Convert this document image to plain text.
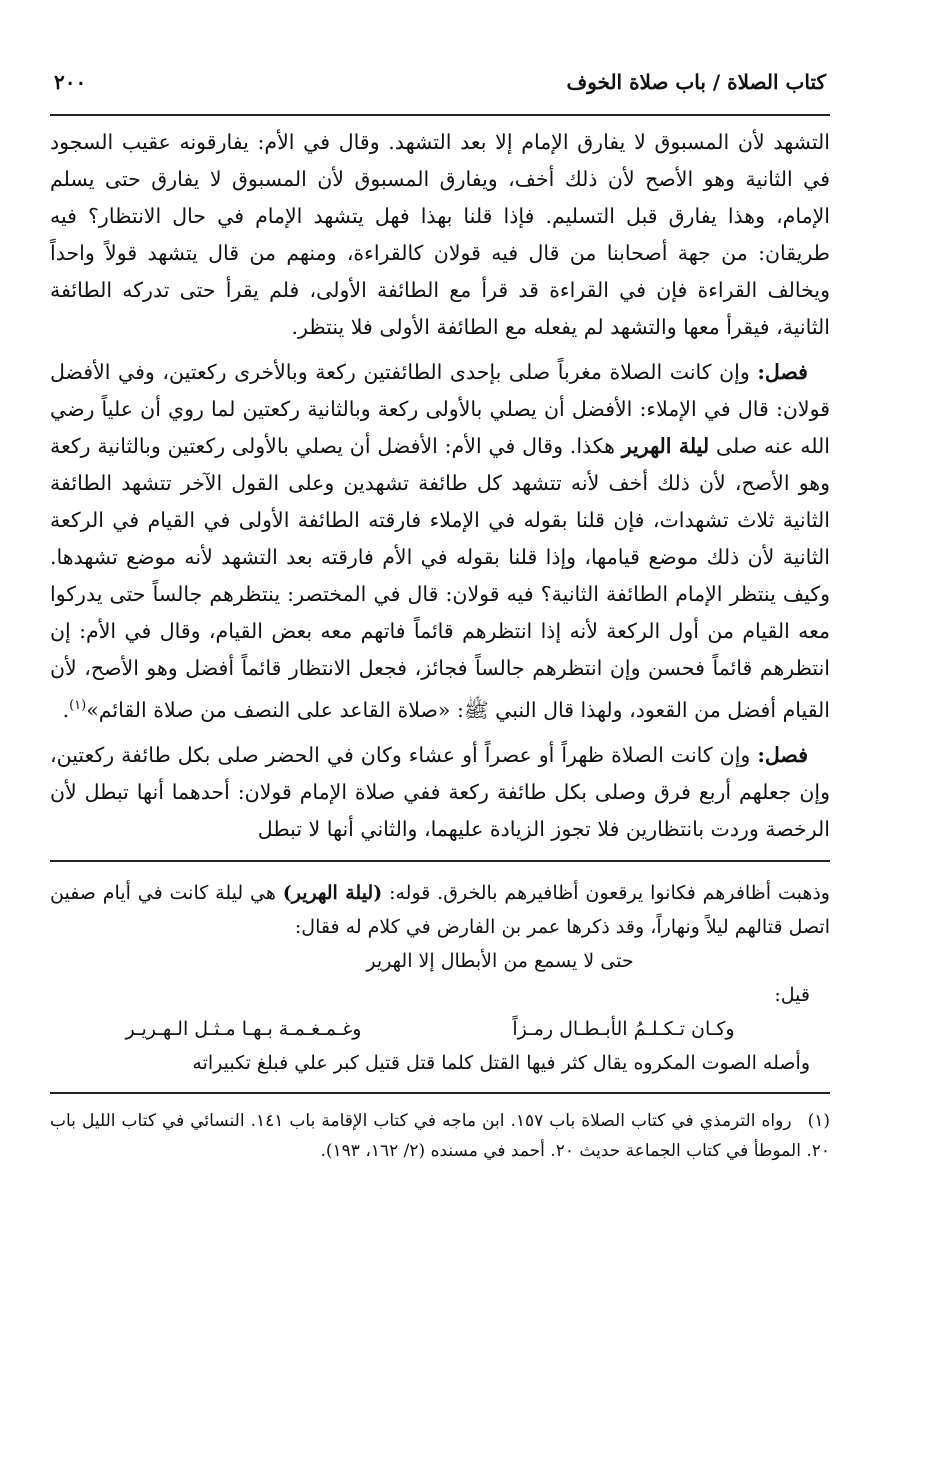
كتاب الصلاة / باب صلاة الخوف
٢٠٠

التشهد لأن المسبوق لا يفارق الإمام إلا بعد التشهد. وقال في الأم: يفارقونه عقيب السجود في الثانية وهو الأصح لأن ذلك أخف، ويفارق المسبوق لأن المسبوق لا يفارق حتى يسلم الإمام، وهذا يفارق قبل التسليم. فإذا قلنا بهذا فهل يتشهد الإمام في حال الانتظار؟ فيه طريقان: من جهة أصحابنا من قال فيه قولان كالقراءة، ومنهم من قال يتشهد قولاً واحداً ويخالف القراءة فإن في القراءة قد قرأ مع الطائفة الأولى، فلم يقرأ حتى تدركه الطائفة الثانية، فيقرأ معها والتشهد لم يفعله مع الطائفة الأولى فلا ينتظر.

فصل: وإن كانت الصلاة مغرباً صلى بإحدى الطائفتين ركعة وبالأخرى ركعتين، وفي الأفضل قولان: قال في الإملاء: الأفضل أن يصلي بالأولى ركعة وبالثانية ركعتين لما روي أن علياً رضي الله عنه صلى ليلة الهرير هكذا. وقال في الأم: الأفضل أن يصلي بالأولى ركعتين وبالثانية ركعة وهو الأصح، لأن ذلك أخف لأنه تتشهد كل طائفة تشهدين وعلى القول الآخر تتشهد الطائفة الثانية ثلاث تشهدات، فإن قلنا بقوله في الإملاء فارقته الطائفة الأولى في القيام في الركعة الثانية لأن ذلك موضع قيامها، وإذا قلنا بقوله في الأم فارقته بعد التشهد لأنه موضع تشهدها. وكيف ينتظر الإمام الطائفة الثانية؟ فيه قولان: قال في المختصر: ينتظرهم جالساً حتى يدركوا معه القيام من أول الركعة لأنه إذا انتظرهم قائماً فاتهم معه بعض القيام، وقال في الأم: إن انتظرهم قائماً فحسن وإن انتظرهم جالساً فجائز، فجعل الانتظار قائماً أفضل وهو الأصح، لأن القيام أفضل من القعود، ولهذا قال النبي ﷺ: «صلاة القاعد على النصف من صلاة القائم»$^{(١)}$.

فصل: وإن كانت الصلاة ظهراً أو عصراً أو عشاء وكان في الحضر صلى بكل طائفة ركعتين، وإن جعلهم أربع فرق وصلى بكل طائفة ركعة ففي صلاة الإمام قولان: أحدهما أنها تبطل لأن الرخصة وردت بانتظارين فلا تجوز الزيادة عليهما، والثاني أنها لا تبطل

وذهبت أظافرهم فكانوا يرقعون أظافيرهم بالخرق. قوله: (ليلة الهرير) هي ليلة كانت في أيام صفين اتصل قتالهم ليلاً ونهاراً، وقد ذكرها عمر بن الفارض في كلام له فقال:

حتى لا يسمع من الأبطال إلا الهرير

قيل:

وكـان تـكـلـمُ الأبـطـال رمـزاً
وغـمـغـمـة بـهـا مـثـل الـهـريـر

وأصله الصوت المكروه يقال كثر فيها القتل كلما قتل قتيل كبر علي فبلغ تكبيراته

(١) رواه الترمذي في كتاب الصلاة باب ١٥٧. ابن ماجه في كتاب الإقامة باب ١٤١. النسائي في كتاب الليل باب ٢٠. الموطأ في كتاب الجماعة حديث ٢٠. أحمد في مسنده (٢/ ١٦٢، ١٩٣).
